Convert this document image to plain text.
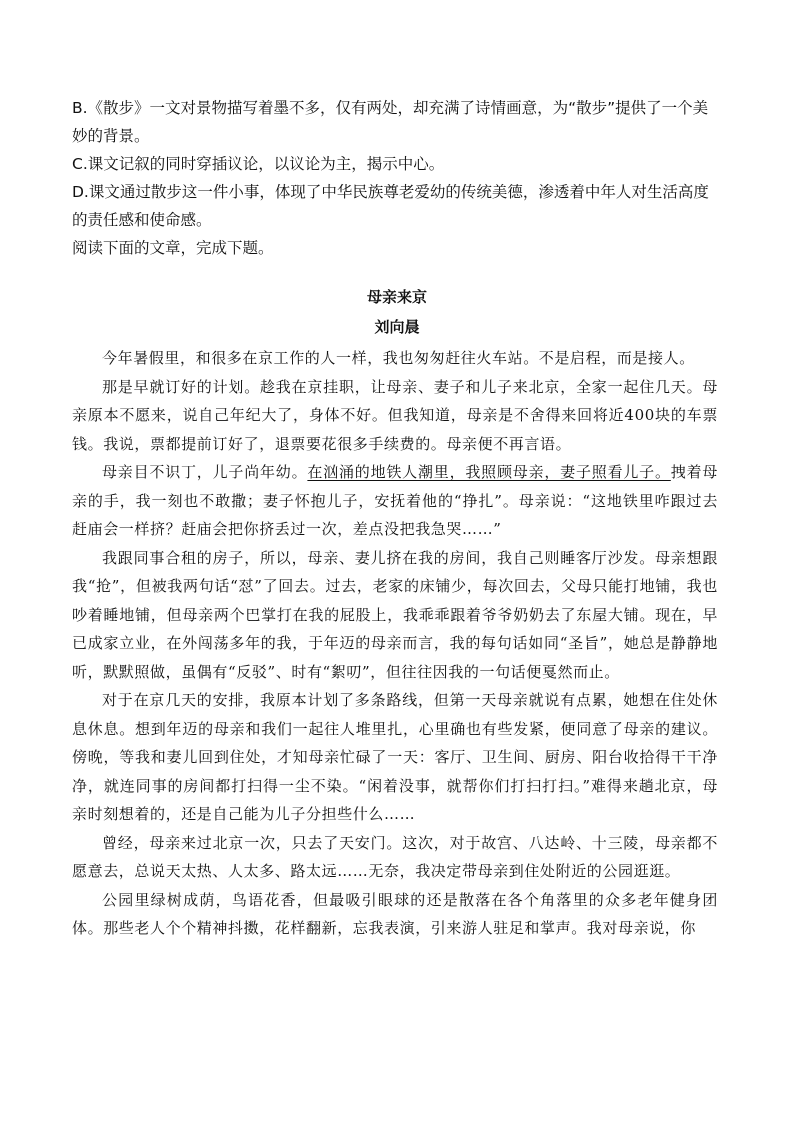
B.《散步》一文对景物描写着墨不多，仅有两处，却充满了诗情画意，为“散步”提供了一个美妙的背景。

C.课文记叙的同时穿插议论，以议论为主，揭示中心。

D.课文通过散步这一件小事，体现了中华民族尊老爱幼的传统美德，渗透着中年人对生活高度的责任感和使命感。

阅读下面的文章，完成下题。

母亲来京
刘向晨

今年暑假里，和很多在京工作的人一样，我也匆匆赶往火车站。不是启程，而是接人。

那是早就订好的计划。趁我在京挂职，让母亲、妻子和儿子来北京，全家一起住几天。母亲原本不愿来，说自己年纪大了，身体不好。但我知道，母亲是不舍得来回将近400块的车票钱。我说，票都提前订好了，退票要花很多手续费的。母亲便不再言语。

母亲目不识丁，儿子尚年幼。在汹涌的地铁人潮里，我照顾母亲，妻子照看儿子。拽着母亲的手，我一刻也不敢撒；妻子怀抱儿子，安抚着他的“挣扎”。母亲说：“这地铁里咋跟过去赶庙会一样挤？赶庙会把你挤丢过一次，差点没把我急哭……”

我跟同事合租的房子，所以，母亲、妻儿挤在我的房间，我自己则睡客厅沙发。母亲想跟我“抢”，但被我两句话“怼”了回去。过去，老家的床铺少，每次回去，父母只能打地铺，我也吵着睡地铺，但母亲两个巴掌打在我的屁股上，我乖乖跟着爷爷奶奶去了东屋大铺。现在，早已成家立业，在外闯荡多年的我，于年迈的母亲而言，我的每句话如同“圣旨”，她总是静静地听，默默照做，虽偶有“反驳”、时有“絮叨”，但往往因我的一句话便戛然而止。

对于在京几天的安排，我原本计划了多条路线，但第一天母亲就说有点累，她想在住处休息休息。想到年迈的母亲和我们一起往人堆里扎，心里确也有些发紧，便同意了母亲的建议。傍晚，等我和妻儿回到住处，才知母亲忙碌了一天：客厅、卫生间、厨房、阳台收拾得干干净净，就连同事的房间都打扫得一尘不染。“闲着没事，就帮你们打扫打扫。”难得来趟北京，母亲时刻想着的，还是自己能为儿子分担些什么……

曾经，母亲来过北京一次，只去了天安门。这次，对于故宫、八达岭、十三陵，母亲都不愿意去，总说天太热、人太多、路太远……无奈，我决定带母亲到住处附近的公园逛逛。

公园里绿树成荫，鸟语花香，但最吸引眼球的还是散落在各个角落里的众多老年健身团体。那些老人个个精神抖擞，花样翻新，忘我表演，引来游人驻足和掌声。我对母亲说，你
